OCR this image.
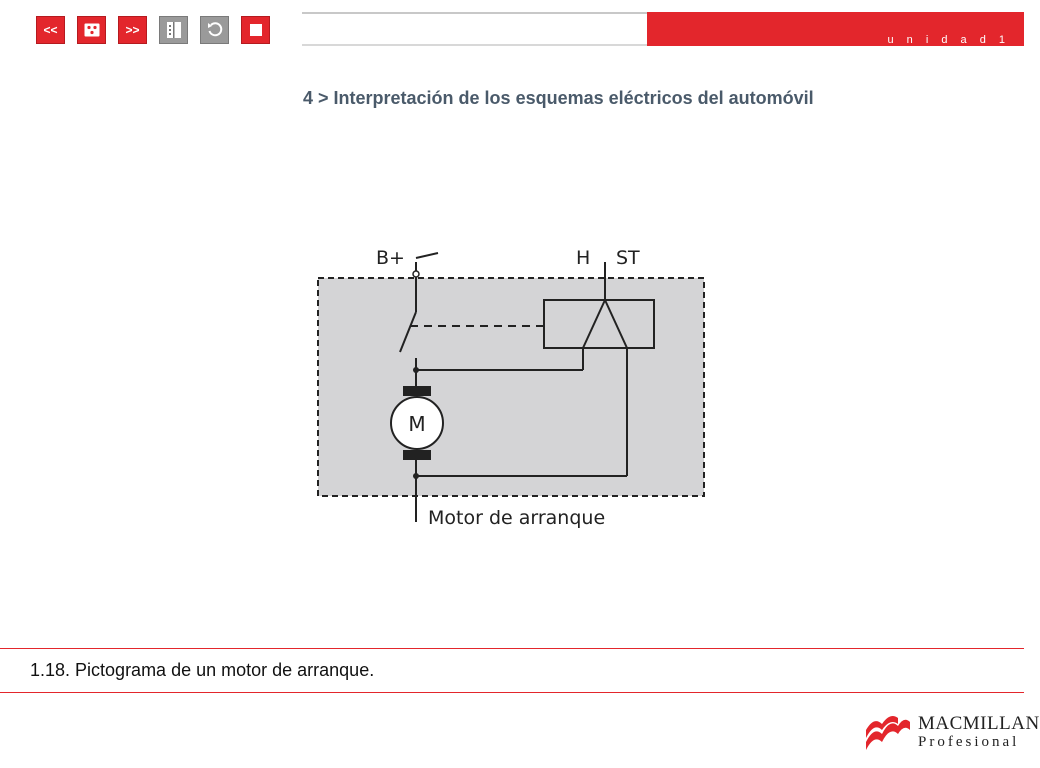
<<	>>
u n i d a d 1
4 > Interpretación de los esquemas eléctricos del automóvil
M
B+	H ST
Motor de arranque
1.18. Pictograma de un motor de arranque.
MACMILLAN
Profesional
